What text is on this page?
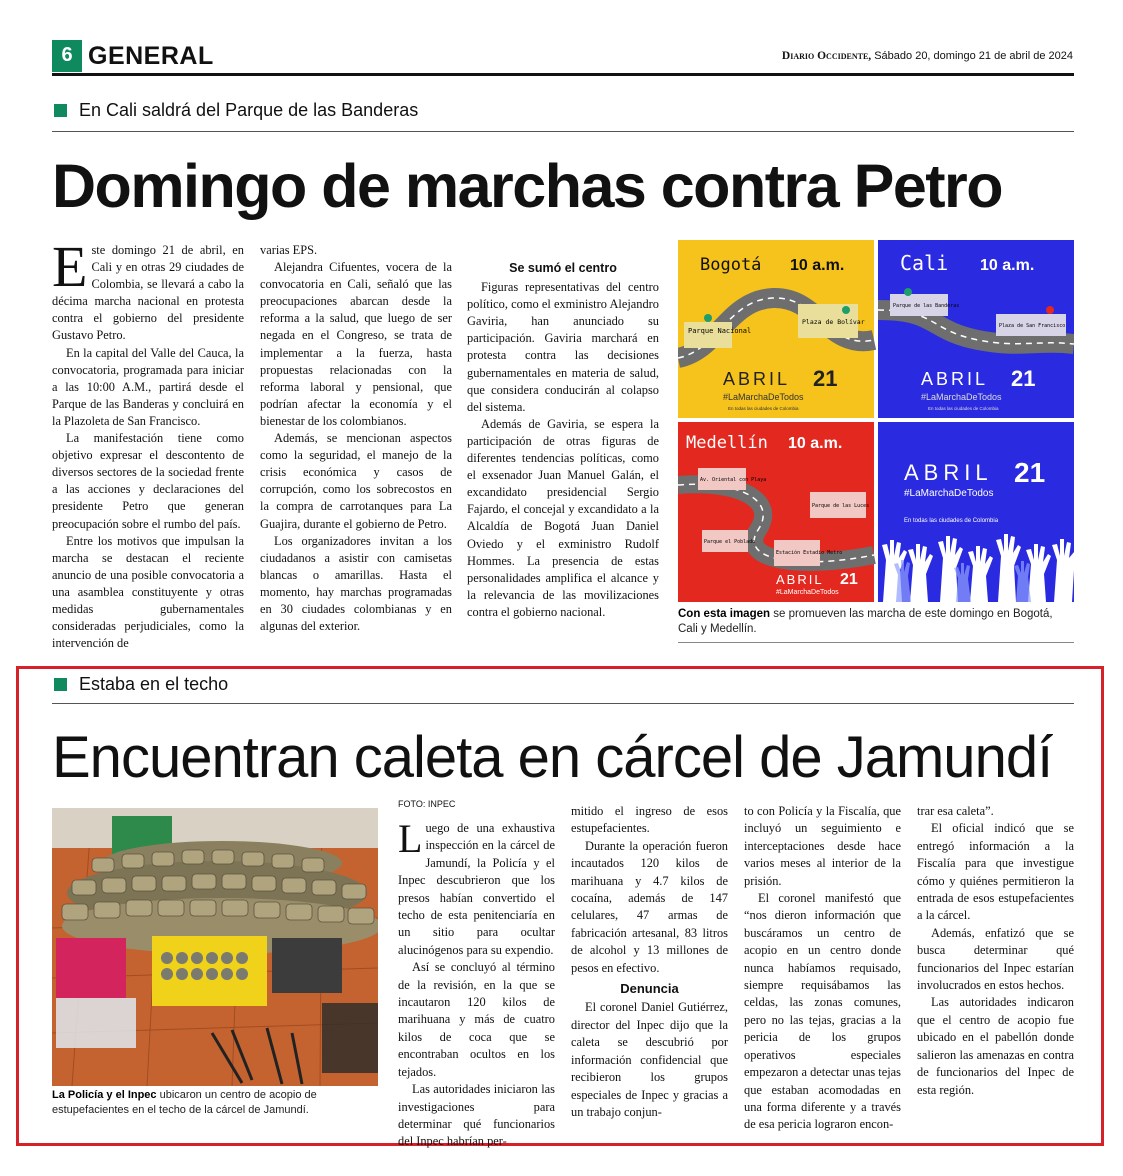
6 GENERAL	Diario Occidente, Sábado 20, domingo 21 de abril de 2024
En Cali saldrá del Parque de las Banderas
Domingo de marchas contra Petro

Este domingo 21 de abril, en Cali y en otras 29 ciudades de Colombia, se llevará a cabo la décima marcha nacional en protesta contra el gobierno del presidente Gustavo Petro.

En la capital del Valle del Cauca, la convocatoria, programada para iniciar a las 10:00 A.M., partirá desde el Parque de las Banderas y concluirá en la Plazoleta de San Francisco.

La manifestación tiene como objetivo expresar el descontento de diversos sectores de la sociedad frente a las acciones y declaraciones del presidente Petro que generan preocupación sobre el rumbo del país.

Entre los motivos que impulsan la marcha se destacan el reciente anuncio de una posible convocatoria a una asamblea constituyente y otras medidas gubernamentales consideradas perjudiciales, como la intervención de

varias EPS.

Alejandra Cifuentes, vocera de la convocatoria en Cali, señaló que las preocupaciones abarcan desde la reforma a la salud, que luego de ser negada en el Congreso, se trata de implementar a la fuerza, hasta propuestas relacionadas con la reforma laboral y pensional, que podrían afectar la economía y el bienestar de los colombianos.

Además, se mencionan aspectos como la seguridad, el manejo de la crisis económica y casos de corrupción, como los sobrecostos en la compra de carrotanques para La Guajira, durante el gobierno de Petro.

Los organizadores invitan a los ciudadanos a asistir con camisetas blancas o amarillas. Hasta el momento, hay marchas programadas en 30 ciudades colombianas y en algunas del exterior.

Se sumó el centro

Figuras representativas del centro político, como el exministro Alejandro Gaviria, han anunciado su participación. Gaviria marchará en protesta contra las decisiones gubernamentales en materia de salud, que considera conducirán al colapso del sistema.

Además de Gaviria, se espera la participación de otras figuras de diferentes tendencias políticas, como el exsenador Juan Manuel Galán, el excandidato presidencial Sergio Fajardo, el concejal y excandidato a la Alcaldía de Bogotá Juan Daniel Oviedo y el exministro Rudolf Hommes. La presencia de estas personalidades amplifica el alcance y la relevancia de las movilizaciones contra el gobierno nacional.

Bogotá 10 a.m.
Parque Nacional
Plaza de Bolívar
ABRIL 21
#LaMarchaDeTodos
En todas las ciudades de Colombia
Cali 10 a.m.
Parque de las Banderas
Plaza de San Francisco
ABRIL 21
#LaMarchaDeTodos
En todas las ciudades de Colombia
Medellín 10 a.m.
Av. Oriental con Playa
Parque el Poblado
Estación Estadio Metro
Parque de las Luces
ABRIL 21
#LaMarchaDeTodos
ABRIL 21
#LaMarchaDeTodos
En todas las ciudades de Colombia
Con esta imagen se promueven las marcha de este domingo en Bogotá, Cali y Medellín.
Estaba en el techo
Encuentran caleta en cárcel de Jamundí
La Policía y el Inpec ubicaron un centro de acopio de estupefacientes en el techo de la cárcel de Jamundí.
FOTO: INPEC

Luego de una exhaustiva inspección en la cárcel de Jamundí, la Policía y el Inpec descubrieron que los presos habían convertido el techo de esta penitenciaría en un sitio para ocultar alucinógenos para su expendio.

Así se concluyó al término de la revisión, en la que se incautaron 120 kilos de marihuana y más de cuatro kilos de coca que se encontraban ocultos en los tejados.

Las autoridades iniciaron las investigaciones para determinar qué funcionarios del Inpec habrían per-

mitido el ingreso de esos estupefacientes.

Durante la operación fueron incautados 120 kilos de marihuana y 4.7 kilos de cocaína, además de 147 celulares, 47 armas de fabricación artesanal, 83 litros de alcohol y 13 millones de pesos en efectivo.

Denuncia

El coronel Daniel Gutiérrez, director del Inpec dijo que la caleta se descubrió por información confidencial que recibieron los grupos especiales de Inpec y gracias a un trabajo conjun-

to con Policía y la Fiscalía, que incluyó un seguimiento e interceptaciones desde hace varios meses al interior de la prisión.

El coronel manifestó que “nos dieron información que buscáramos un centro de acopio en un centro donde nunca habíamos requisado, siempre requisábamos las celdas, las zonas comunes, pero no las tejas, gracias a la pericia de los grupos operativos especiales empezaron a detectar unas tejas que estaban acomodadas en una forma diferente y a través de esa pericia lograron encon-

trar esa caleta”.

El oficial indicó que se entregó información a la Fiscalía para que investigue cómo y quiénes permitieron la entrada de esos estupefacientes a la cárcel.

Además, enfatizó que se busca determinar qué funcionarios del Inpec estarían involucrados en estos hechos.

Las autoridades indicaron que el centro de acopio fue ubicado en el pabellón donde salieron las amenazas en contra de funcionarios del Inpec de esta región.
